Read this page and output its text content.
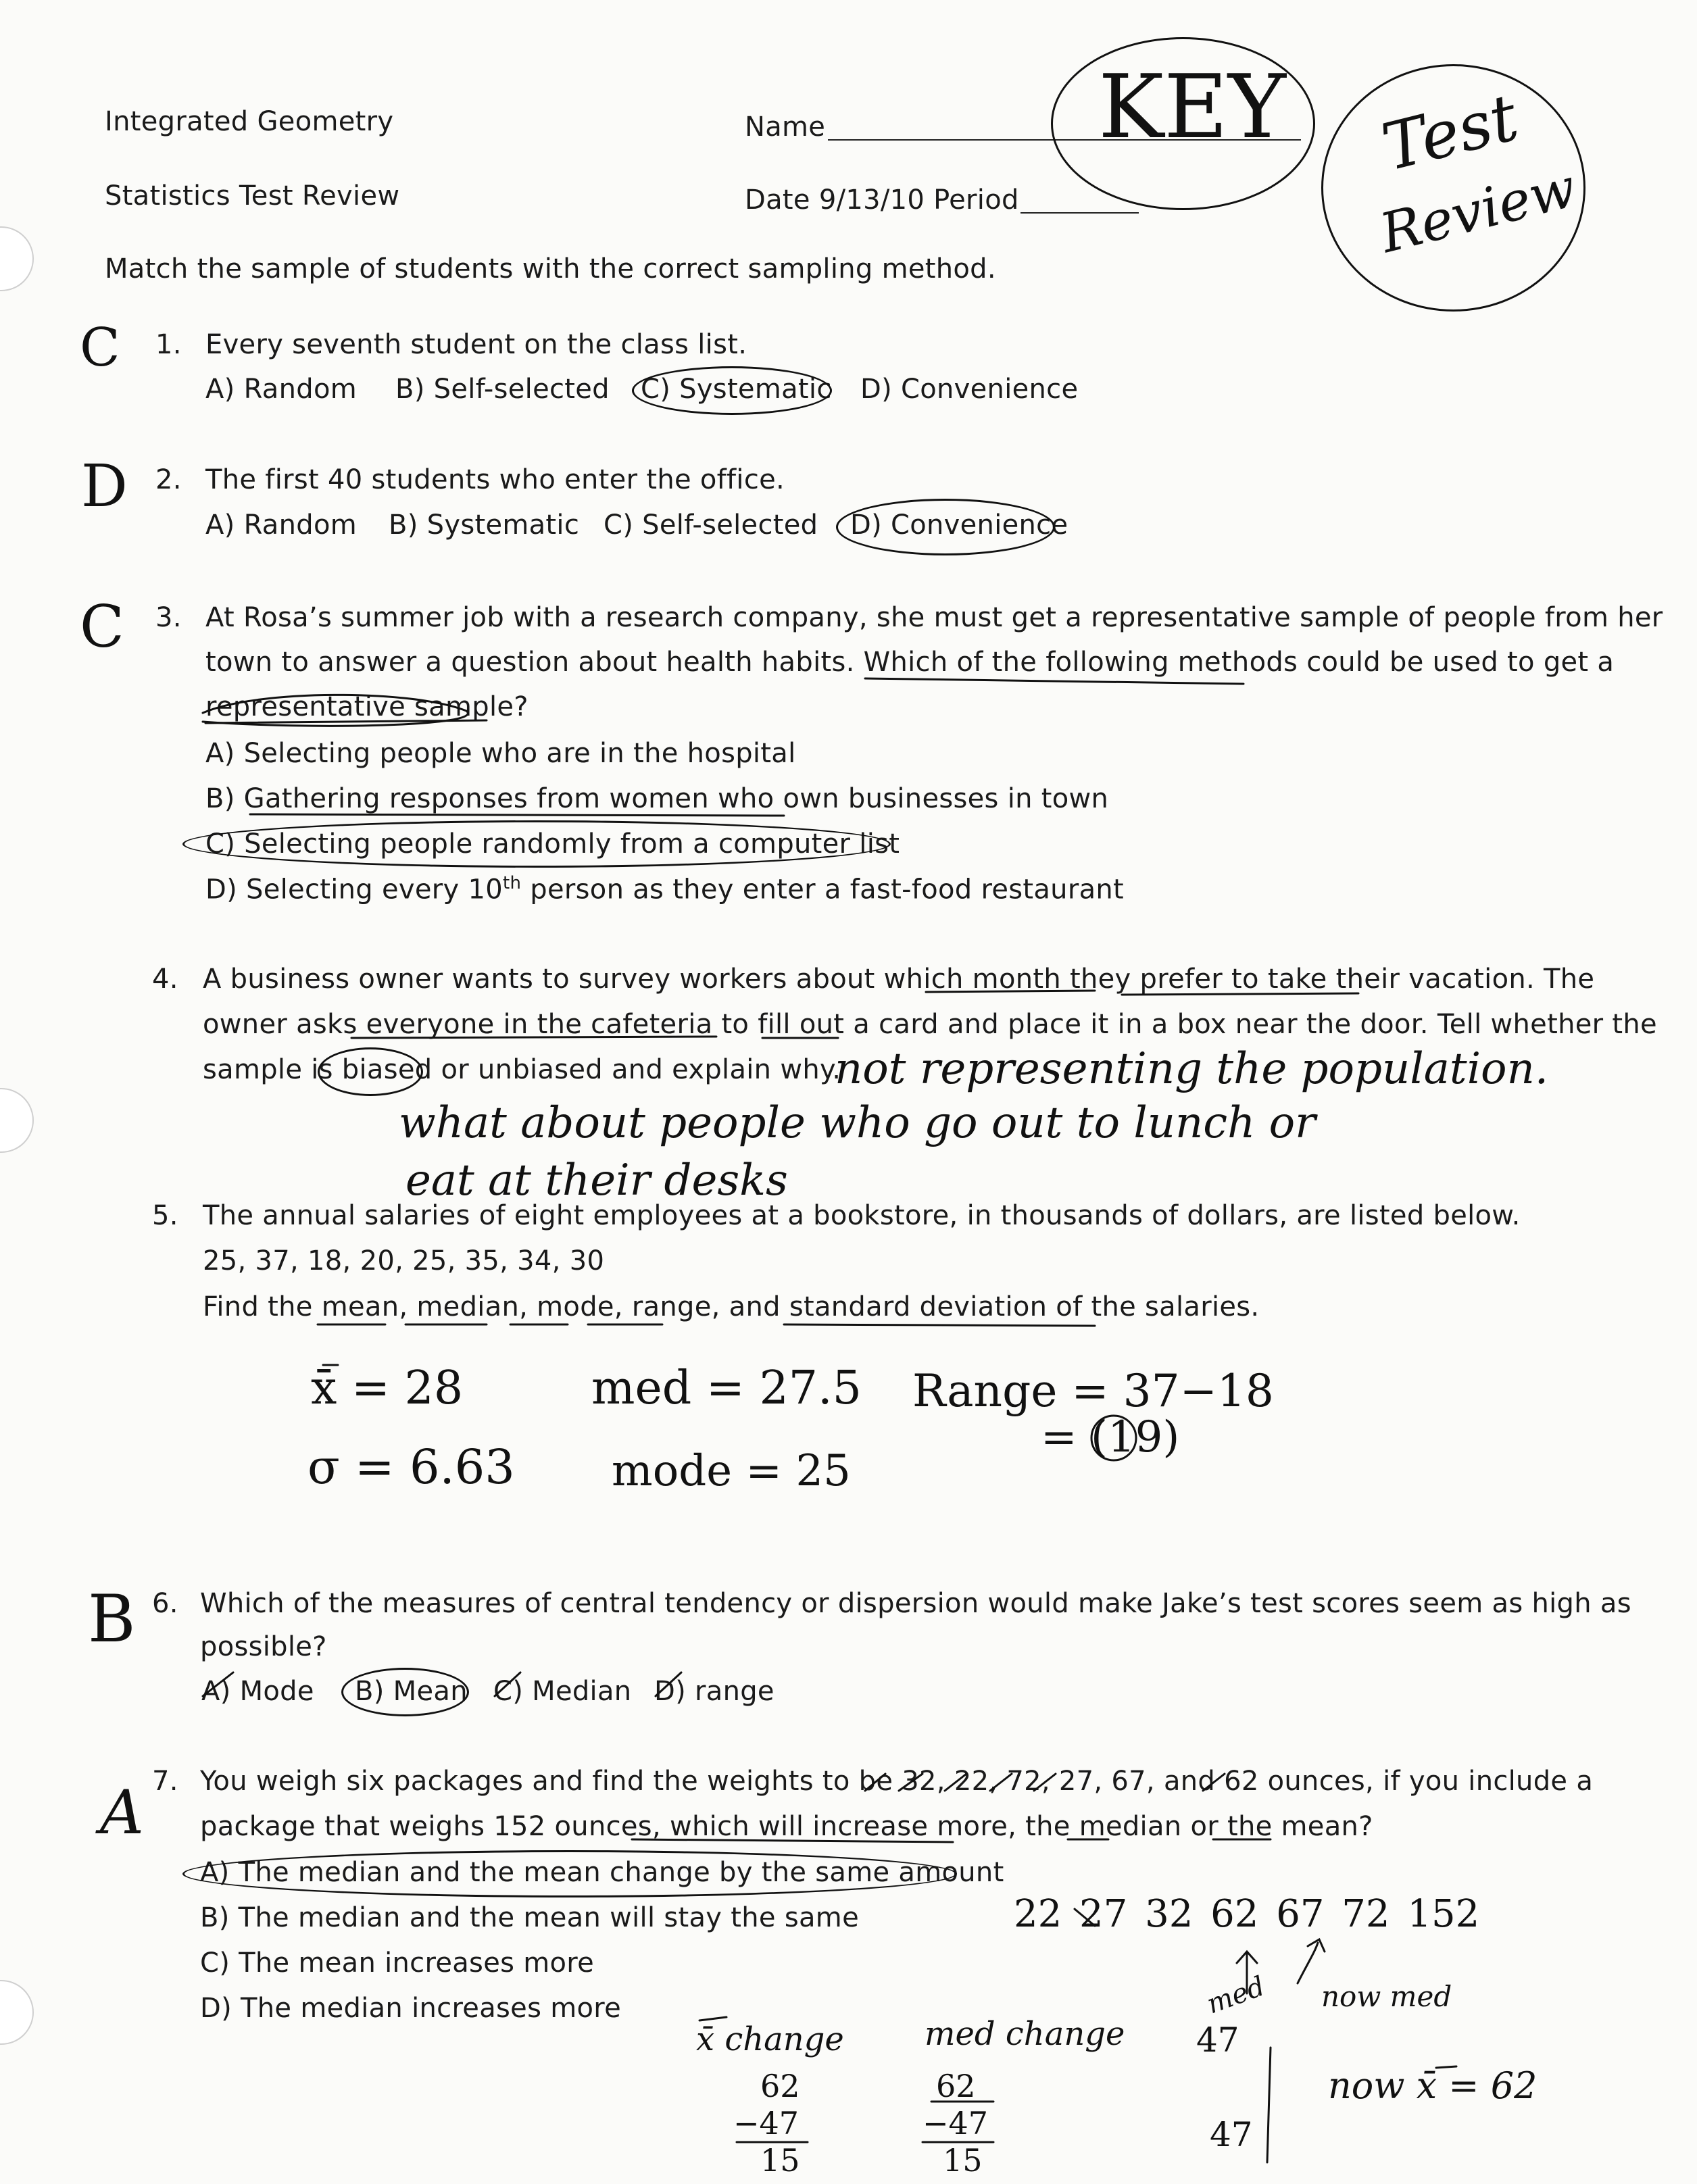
Integrated Geometry
Statistics Test Review
Name
Date 9/13/10 Period
KEY Test
Review
Match the sample of students with the correct sampling method.
C 1. Every seventh student on the class list.
A) Random B) Self-selected C) Systematic D) Convenience
D 2. The first 40 students who enter the office.
A) Random B) Systematic C) Self-selected D) Convenience
C 3. At Rosa’s summer job with a research company, she must get a representative sample of people from her
town to answer a question about health habits. Which of the following methods could be used to get a
representative sample?
A) Selecting people who are in the hospital
B) Gathering responses from women who own businesses in town
C) Selecting people randomly from a computer list
D) Selecting every 10th person as they enter a fast-food restaurant
4. A business owner wants to survey workers about which month they prefer to take their vacation. The
owner asks everyone in the cafeteria to fill out a card and place it in a box near the door. Tell whether the
sample is biased or unbiased and explain why.
not representing the population.
what about people who go out to lunch or
eat at their desks
5. The annual salaries of eight employees at a bookstore, in thousands of dollars, are listed below.
25, 37, 18, 20, 25, 35, 34, 30
Find the mean, median, mode, range, and standard deviation of the salaries.
x̄ = 28	med = 27.5 Range = 37−18
= (19)
σ = 6.63 mode = 25
B 6. Which of the measures of central tendency or dispersion would make Jake’s test scores seem as high as
possible?
A) Mode B) Mean C) Median D) range
A 7. You weigh six packages and find the weights to be 32, 22, 72, 27, 67, and 62 ounces, if you include a
package that weighs 152 ounces, which will increase more, the median or the mean?
A) The median and the mean change by the same amount
B) The median and the mean will stay the same
C) The mean increases more
D) The median increases more
22 27 32 62 67 72 152
x̄ change
62
−47
15
med change
62
−47
15
med
47
47
now med
now x̄ = 62
